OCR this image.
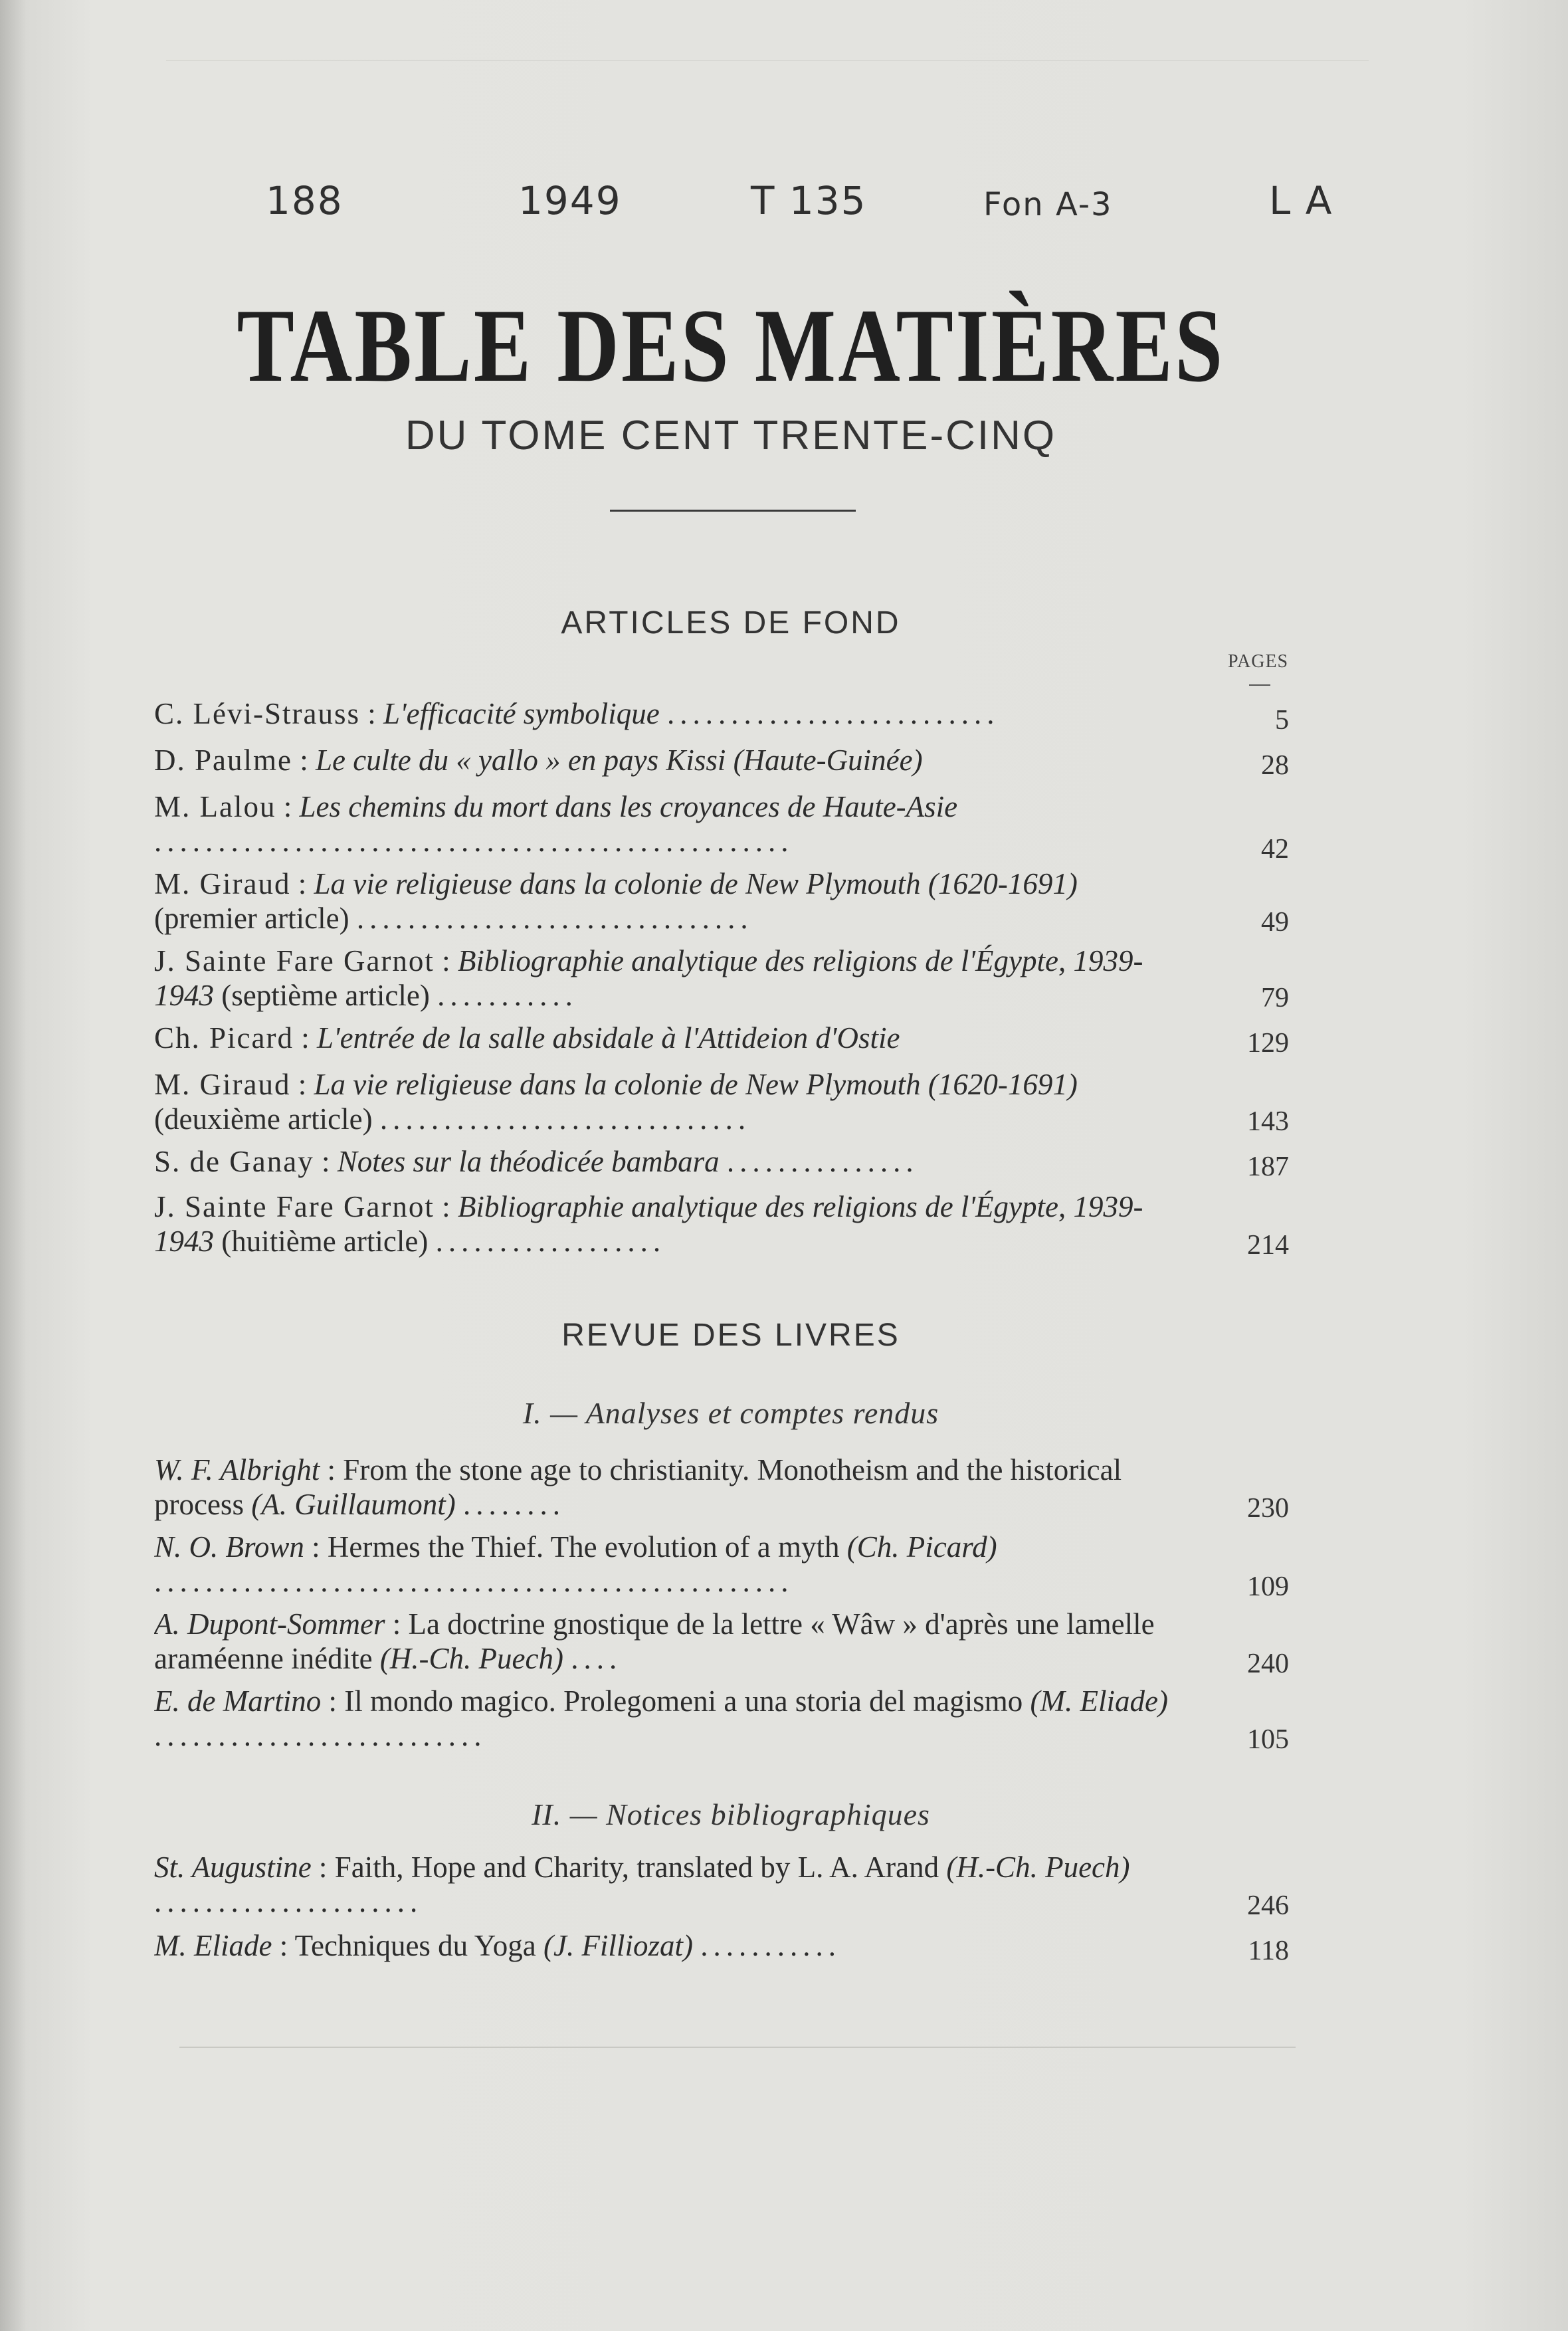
188	1949	T 135	Fon A-3	L A
TABLE DES MATIÈRES
DU TOME CENT TRENTE-CINQ
ARTICLES DE FOND
PAGES
C. Lévi-Strauss : L'efficacité symbolique ..........................	5
D. Paulme : Le culte du « yallo » en pays Kissi (Haute-Guinée)	28
M. Lalou : Les chemins du mort dans les croyances de Haute-Asie ..................................................	42
M. Giraud : La vie religieuse dans la colonie de New Plymouth (1620-1691) (premier article) ...............................	49
J. Sainte Fare Garnot : Bibliographie analytique des religions de l'Égypte, 1939-1943 (septième article) ...........	79
Ch. Picard : L'entrée de la salle absidale à l'Attideion d'Ostie	129
M. Giraud : La vie religieuse dans la colonie de New Plymouth (1620-1691) (deuxième article) .............................	143
S. de Ganay : Notes sur la théodicée bambara ...............	187
J. Sainte Fare Garnot : Bibliographie analytique des religions de l'Égypte, 1939-1943 (huitième article) ..................	214
REVUE DES LIVRES
I. — Analyses et comptes rendus
W. F. Albright : From the stone age to christianity. Monotheism and the historical process (A. Guillaumont) ........	230
N. O. Brown : Hermes the Thief. The evolution of a myth (Ch. Picard) ..................................................	109
A. Dupont-Sommer : La doctrine gnostique de la lettre « Wâw » d'après une lamelle araméenne inédite (H.-Ch. Puech) ....	240
E. de Martino : Il mondo magico. Prolegomeni a una storia del magismo (M. Eliade) ..........................	105
II. — Notices bibliographiques
St. Augustine : Faith, Hope and Charity, translated by L. A. Arand (H.-Ch. Puech) .....................	246
M. Eliade : Techniques du Yoga (J. Filliozat) ...........	118
